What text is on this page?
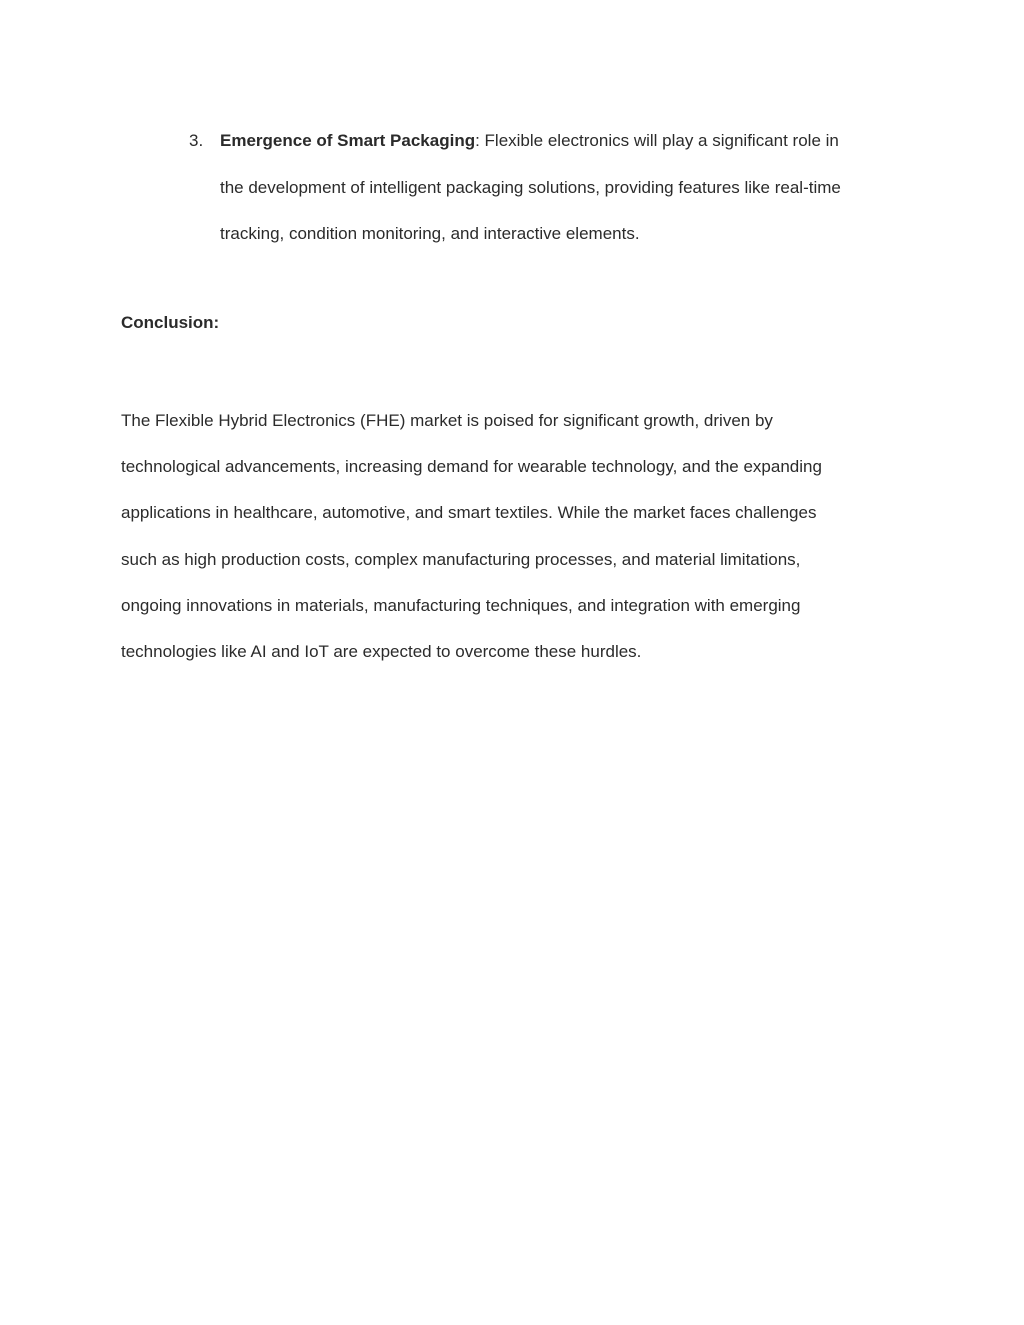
3. Emergence of Smart Packaging: Flexible electronics will play a significant role in
the development of intelligent packaging solutions, providing features like real-time
tracking, condition monitoring, and interactive elements.
Conclusion:
The Flexible Hybrid Electronics (FHE) market is poised for significant growth, driven by
technological advancements, increasing demand for wearable technology, and the expanding
applications in healthcare, automotive, and smart textiles. While the market faces challenges
such as high production costs, complex manufacturing processes, and material limitations,
ongoing innovations in materials, manufacturing techniques, and integration with emerging
technologies like AI and IoT are expected to overcome these hurdles.
